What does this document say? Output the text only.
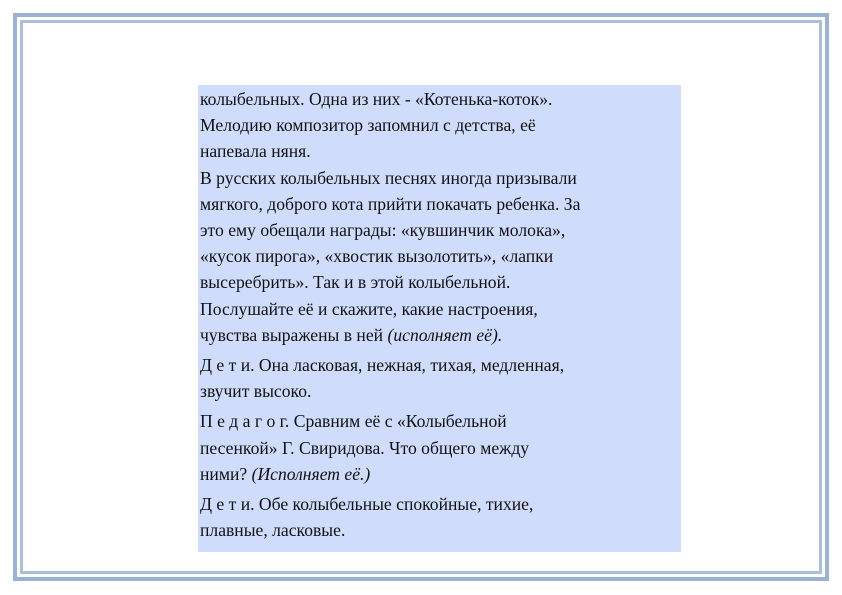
колыбельных. Одна из них - «Котенька-коток».
Мелодию композитор запомнил с детства, её
напевала няня.

В русских колыбельных песнях иногда призывали
мягкого, доброго кота прийти покачать ребенка. За
это ему обещали награды: «кувшинчик молока»,
«кусок пирога», «хвостик вызолотить», «лапки
высеребрить». Так и в этой колыбельной.
Послушайте её и скажите, какие настроения,
чувства выражены в ней (исполняет её).

Д е т и. Она ласковая, нежная, тихая, медленная,
звучит высоко.

П е д а г о г. Сравним её с «Колыбельной
песенкой» Г. Свиридова. Что общего между
ними? (Исполняет её.)

Д е т и. Обе колыбельные спокойные, тихие,
плавные, ласковые.
